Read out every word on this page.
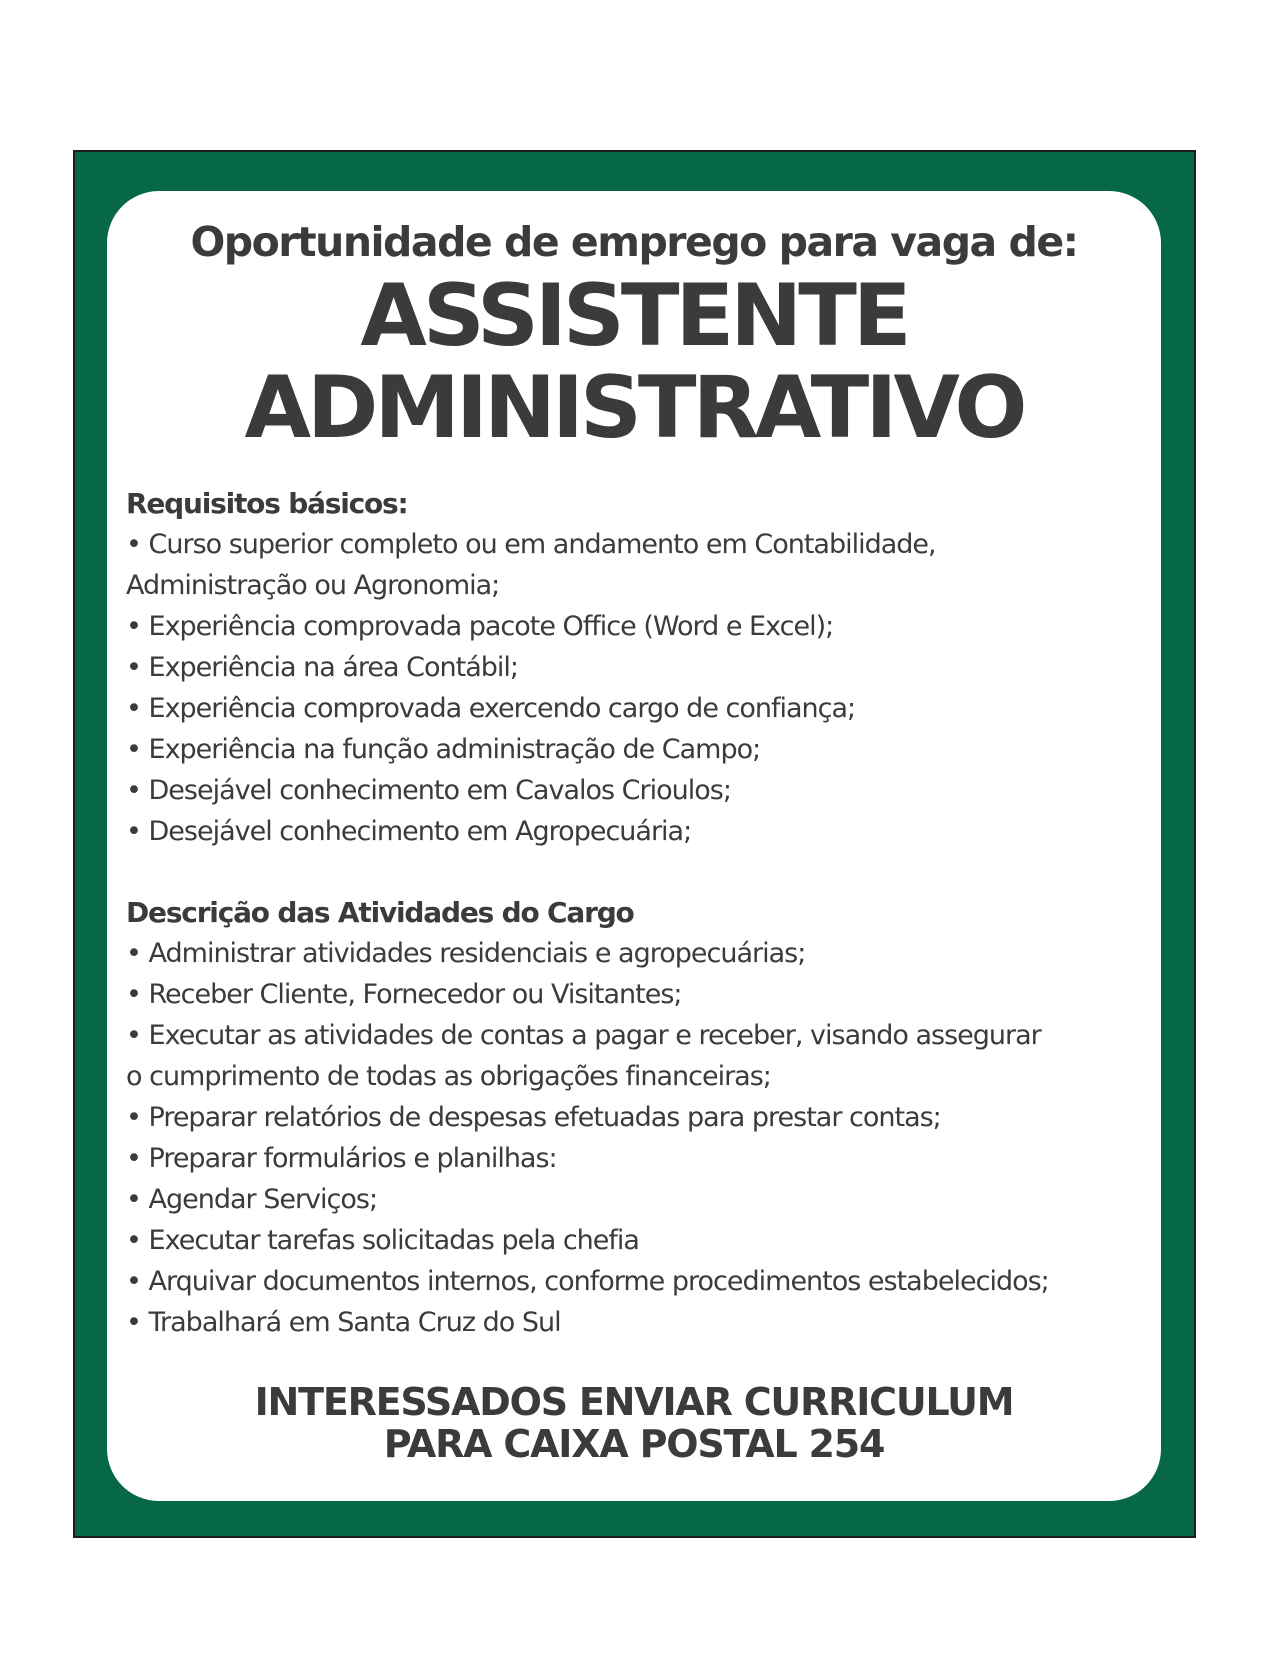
Oportunidade de emprego para vaga de:
ASSISTENTE
ADMINISTRATIVO
Requisitos básicos:
• Curso superior completo ou em andamento em Contabilidade,
Administração ou Agronomia;
• Experiência comprovada pacote Office (Word e Excel);
• Experiência na área Contábil;
• Experiência comprovada exercendo cargo de confiança;
• Experiência na função administração de Campo;
• Desejável conhecimento em Cavalos Crioulos;
• Desejável conhecimento em Agropecuária;
Descrição das Atividades do Cargo
• Administrar atividades residenciais e agropecuárias;
• Receber Cliente, Fornecedor ou Visitantes;
• Executar as atividades de contas a pagar e receber, visando assegurar
o cumprimento de todas as obrigações financeiras;
• Preparar relatórios de despesas efetuadas para prestar contas;
• Preparar formulários e planilhas:
• Agendar Serviços;
• Executar tarefas solicitadas pela chefia
• Arquivar documentos internos, conforme procedimentos estabelecidos;
• Trabalhará em Santa Cruz do Sul
INTERESSADOS ENVIAR CURRICULUM
PARA CAIXA POSTAL 254
